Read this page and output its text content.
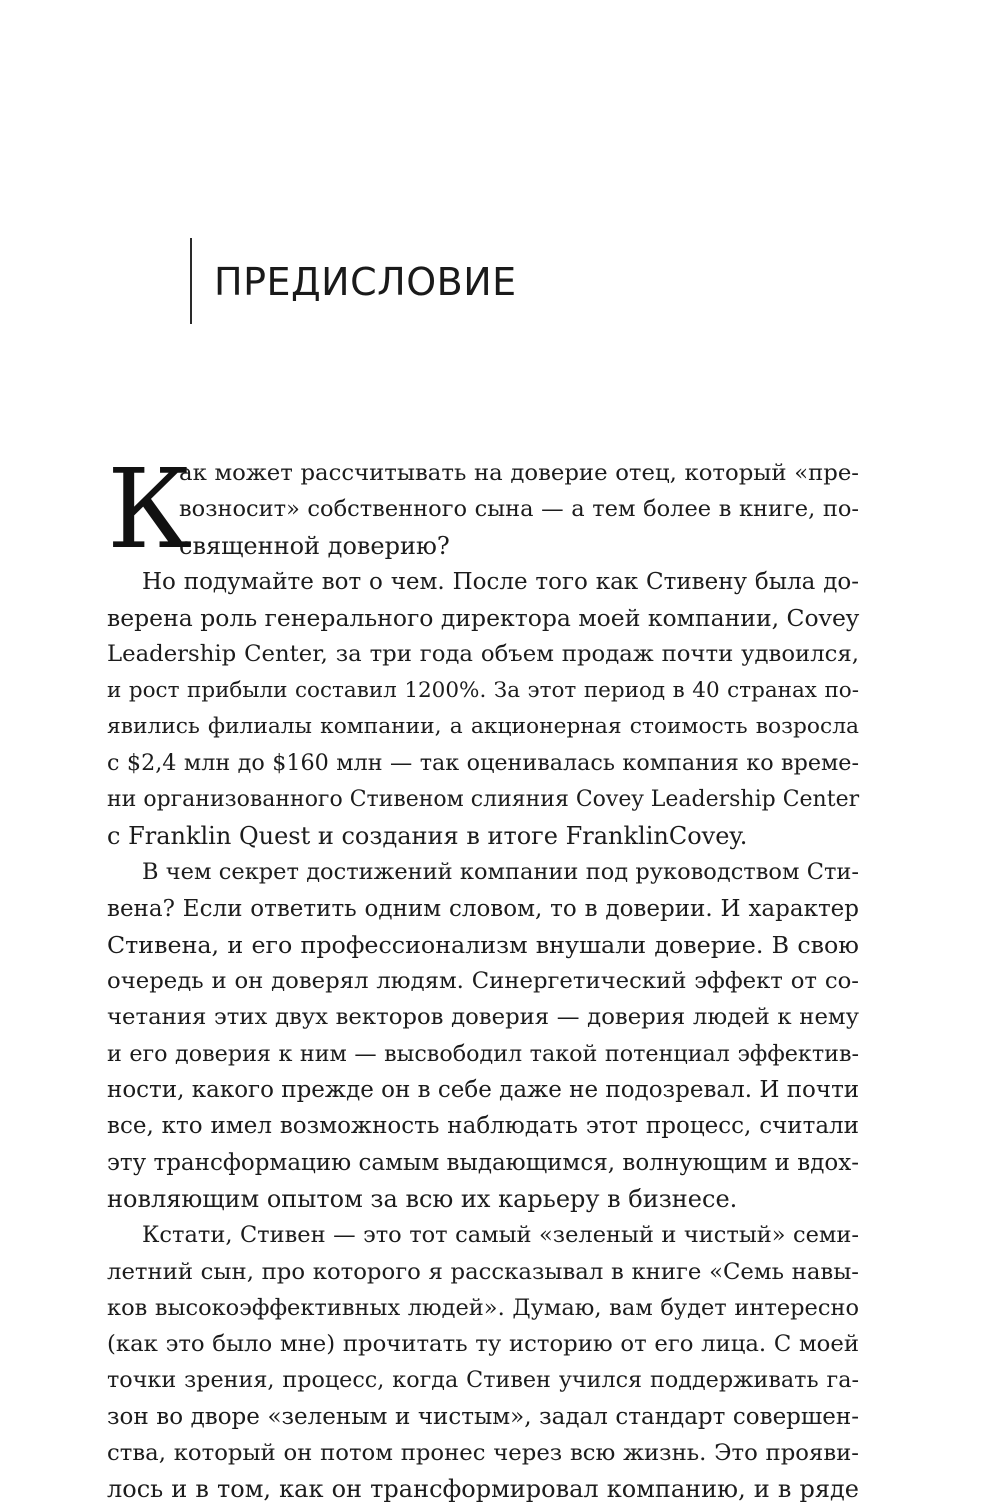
ПРЕДИСЛОВИЕ

К
ак может рассчитывать на доверие отец, который «пре-
возносит» собственного сына — а тем более в книге, по-
священной доверию?

Но подумайте вот о чем. После того как Стивену была до-
верена роль генерального директора моей компании, Covey
Leadership Center, за три года объем продаж почти удвоился,
и рост прибыли составил 1200%. За этот период в 40 странах по-
явились филиалы компании, а акционерная стоимость возросла
с $2,4 млн до $160 млн — так оценивалась компания ко време-
ни организованного Стивеном слияния Covey Leadership Center
с Franklin Quest и создания в итоге FranklinCovey.

В чем секрет достижений компании под руководством Сти-
вена? Если ответить одним словом, то в доверии. И характер
Стивена, и его профессионализм внушали доверие. В свою
очередь и он доверял людям. Синергетический эффект от со-
четания этих двух векторов доверия — доверия людей к нему
и его доверия к ним — высвободил такой потенциал эффектив-
ности, какого прежде он в себе даже не подозревал. И почти
все, кто имел возможность наблюдать этот процесс, считали
эту трансформацию самым выдающимся, волнующим и вдох-
новляющим опытом за всю их карьеру в бизнесе.

Кстати, Стивен — это тот самый «зеленый и чистый» семи-
летний сын, про которого я рассказывал в книге «Семь навы-
ков высокоэффективных людей». Думаю, вам будет интересно
(как это было мне) прочитать ту историю от его лица. С моей
точки зрения, процесс, когда Стивен учился поддерживать га-
зон во дворе «зеленым и чистым», задал стандарт совершен-
ства, который он потом пронес через всю жизнь. Это прояви-
лось и в том, как он трансформировал компанию, и в ряде
